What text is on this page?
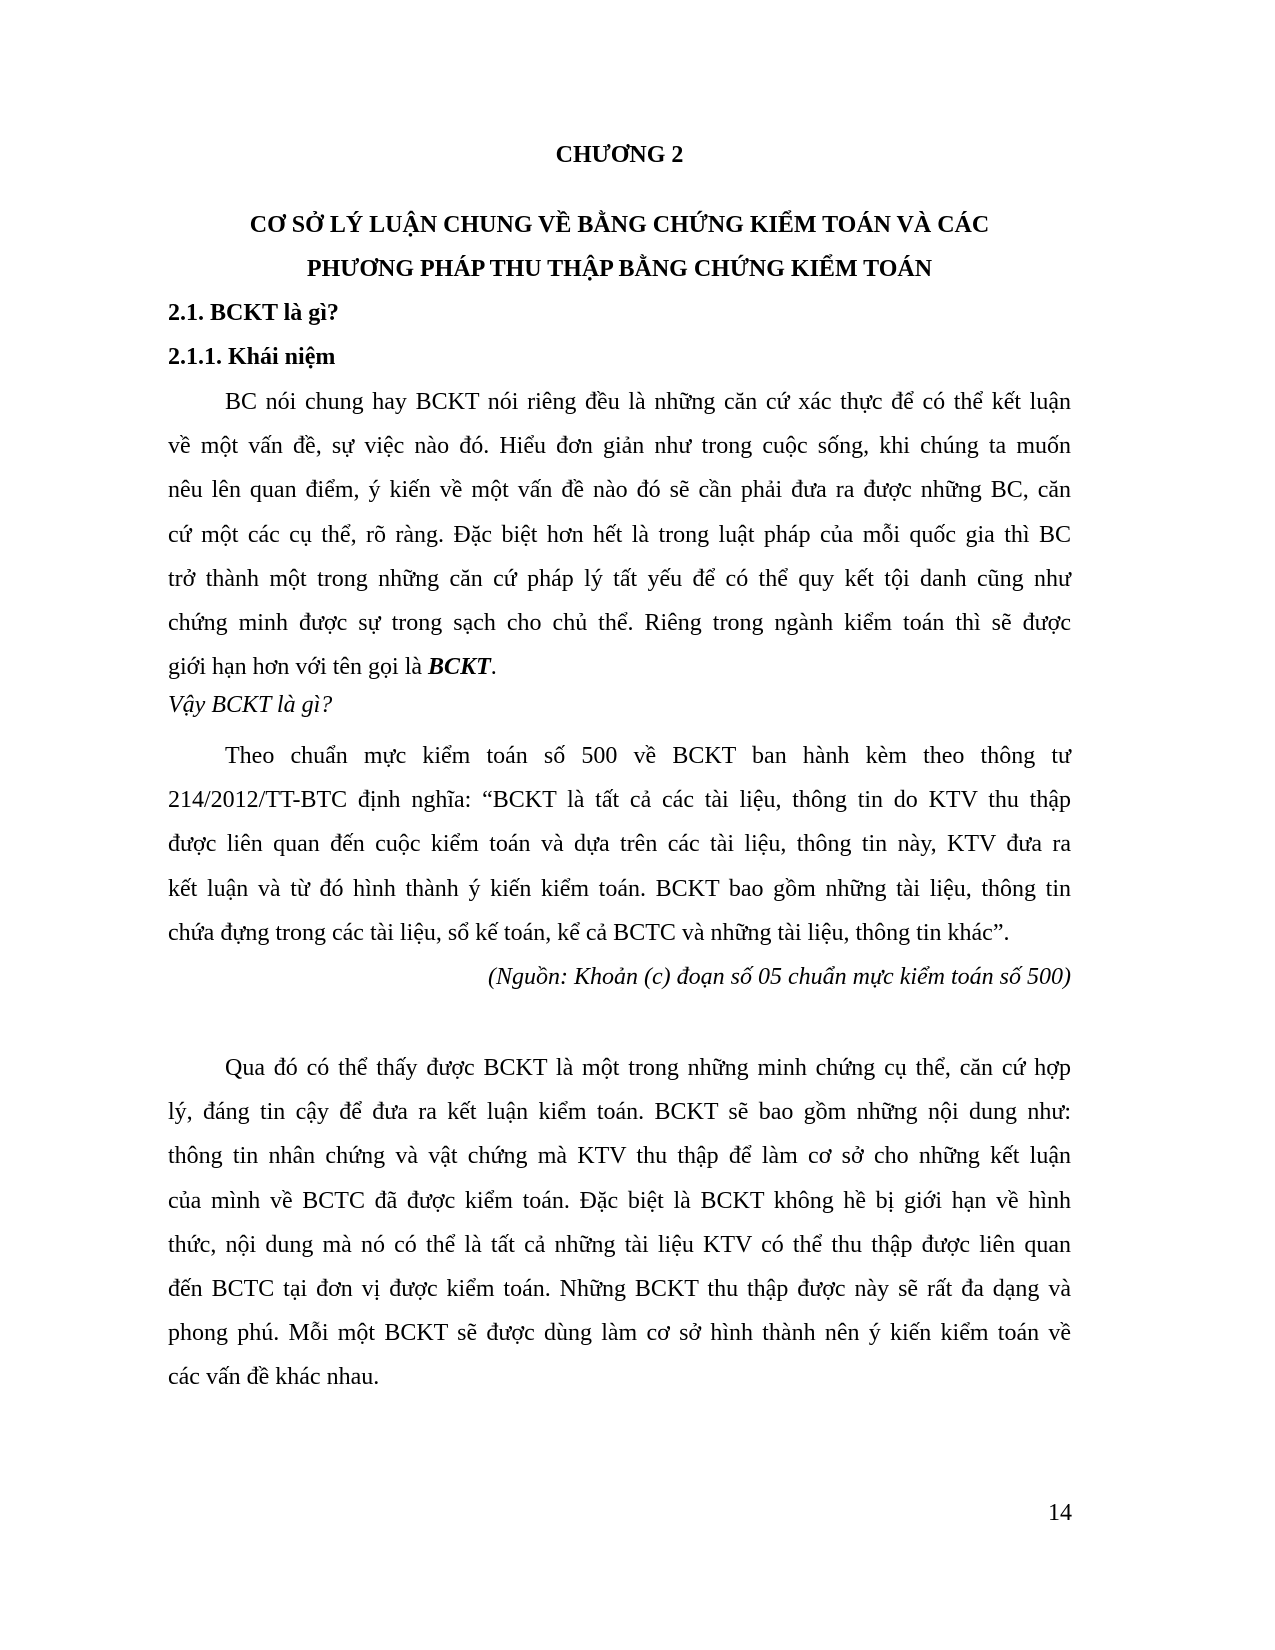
CHƯƠNG 2
CƠ SỞ LÝ LUẬN CHUNG VỀ BẰNG CHỨNG KIỂM TOÁN VÀ CÁC
PHƯƠNG PHÁP THU THẬP BẰNG CHỨNG KIỂM TOÁN
2.1. BCKT là gì?
2.1.1. Khái niệm
BC nói chung hay BCKT nói riêng đều là những căn cứ xác thực để có thể kết luận
về một vấn đề, sự việc nào đó. Hiểu đơn giản như trong cuộc sống, khi chúng ta muốn
nêu lên quan điểm, ý kiến về một vấn đề nào đó sẽ cần phải đưa ra được những BC, căn
cứ một các cụ thể, rõ ràng. Đặc biệt hơn hết là trong luật pháp của mỗi quốc gia thì BC
trở thành một trong những căn cứ pháp lý tất yếu để có thể quy kết tội danh cũng như
chứng minh được sự trong sạch cho chủ thể. Riêng trong ngành kiểm toán thì sẽ được
giới hạn hơn với tên gọi là BCKT.
Vậy BCKT là gì?
Theo chuẩn mực kiểm toán số 500 về BCKT ban hành kèm theo thông tư
214/2012/TT-BTC định nghĩa: “BCKT là tất cả các tài liệu, thông tin do KTV thu thập
được liên quan đến cuộc kiểm toán và dựa trên các tài liệu, thông tin này, KTV đưa ra
kết luận và từ đó hình thành ý kiến kiểm toán. BCKT bao gồm những tài liệu, thông tin
chứa đựng trong các tài liệu, sổ kế toán, kể cả BCTC và những tài liệu, thông tin khác”.
(Nguồn: Khoản (c) đoạn số 05 chuẩn mực kiểm toán số 500)
Qua đó có thể thấy được BCKT là một trong những minh chứng cụ thể, căn cứ hợp
lý, đáng tin cậy để đưa ra kết luận kiểm toán. BCKT sẽ bao gồm những nội dung như:
thông tin nhân chứng và vật chứng mà KTV thu thập để làm cơ sở cho những kết luận
của mình về BCTC đã được kiểm toán. Đặc biệt là BCKT không hề bị giới hạn về hình
thức, nội dung mà nó có thể là tất cả những tài liệu KTV có thể thu thập được liên quan
đến BCTC tại đơn vị được kiểm toán. Những BCKT thu thập được này sẽ rất đa dạng và
phong phú. Mỗi một BCKT sẽ được dùng làm cơ sở hình thành nên ý kiến kiểm toán về
các vấn đề khác nhau.
14
